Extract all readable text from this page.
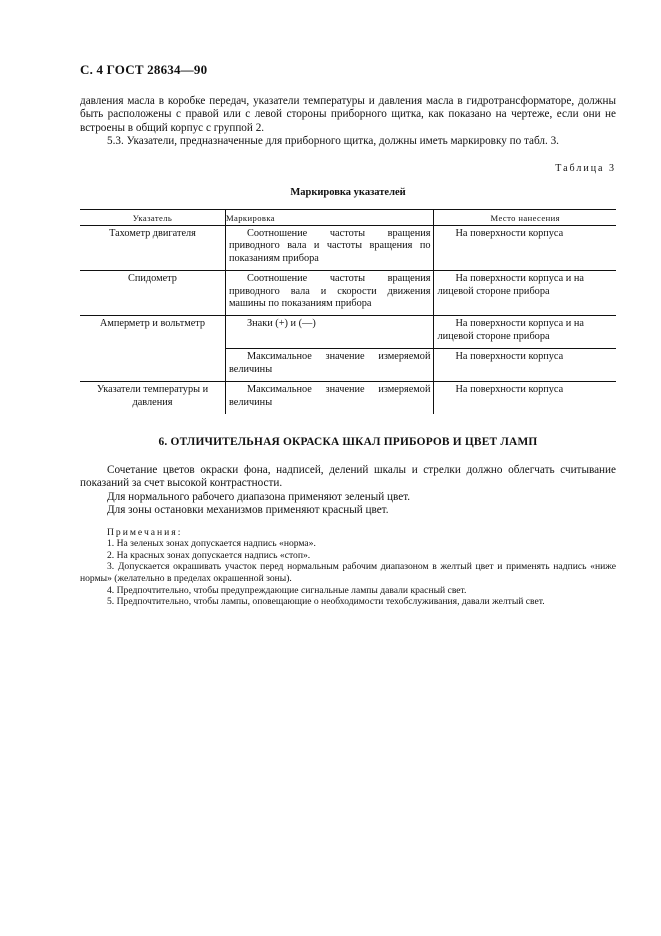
С. 4 ГОСТ 28634—90

давления масла в коробке передач, указатели температуры и давления масла в гидротрансформаторе, должны быть расположены с правой или с левой стороны приборного щитка, как показано на чертеже, если они не встроены в общий корпус с группой 2.

5.3. Указатели, предназначенные для приборного щитка, должны иметь маркировку по табл. 3.

Таблица 3
Маркировка указателей
Указатель	Маркировка	Место нанесения

Тахометр двигателя	Соотношение частоты вращения приводного вала и частоты вращения по показаниям прибора	На поверхности корпуса

Спидометр	Соотношение частоты вращения приводного вала и скорости движения машины по показаниям прибора	На поверхности корпуса и на лицевой стороне прибора

Амперметр и вольтметр	Знаки (+) и (—)	На поверхности корпуса и на лицевой стороне прибора

	Максимальное значение измеряемой величины	На поверхности корпуса

Указатели температуры и давления	Максимальное значение измеряемой величины	На поверхности корпуса
6. ОТЛИЧИТЕЛЬНАЯ ОКРАСКА ШКАЛ ПРИБОРОВ И ЦВЕТ ЛАМП

Сочетание цветов окраски фона, надписей, делений шкалы и стрелки должно облегчать считывание показаний за счет высокой контрастности.

Для нормального рабочего диапазона применяют зеленый цвет.

Для зоны остановки механизмов применяют красный цвет.

Примечания:

1. На зеленых зонах допускается надпись «норма».

2. На красных зонах допускается надпись «стоп».

3. Допускается окрашивать участок перед нормальным рабочим диапазоном в желтый цвет и применять надпись «ниже нормы» (желательно в пределах окрашенной зоны).

4. Предпочтительно, чтобы предупреждающие сигнальные лампы давали красный свет.

5. Предпочтительно, чтобы лампы, оповещающие о необходимости техобслуживания, давали желтый свет.
